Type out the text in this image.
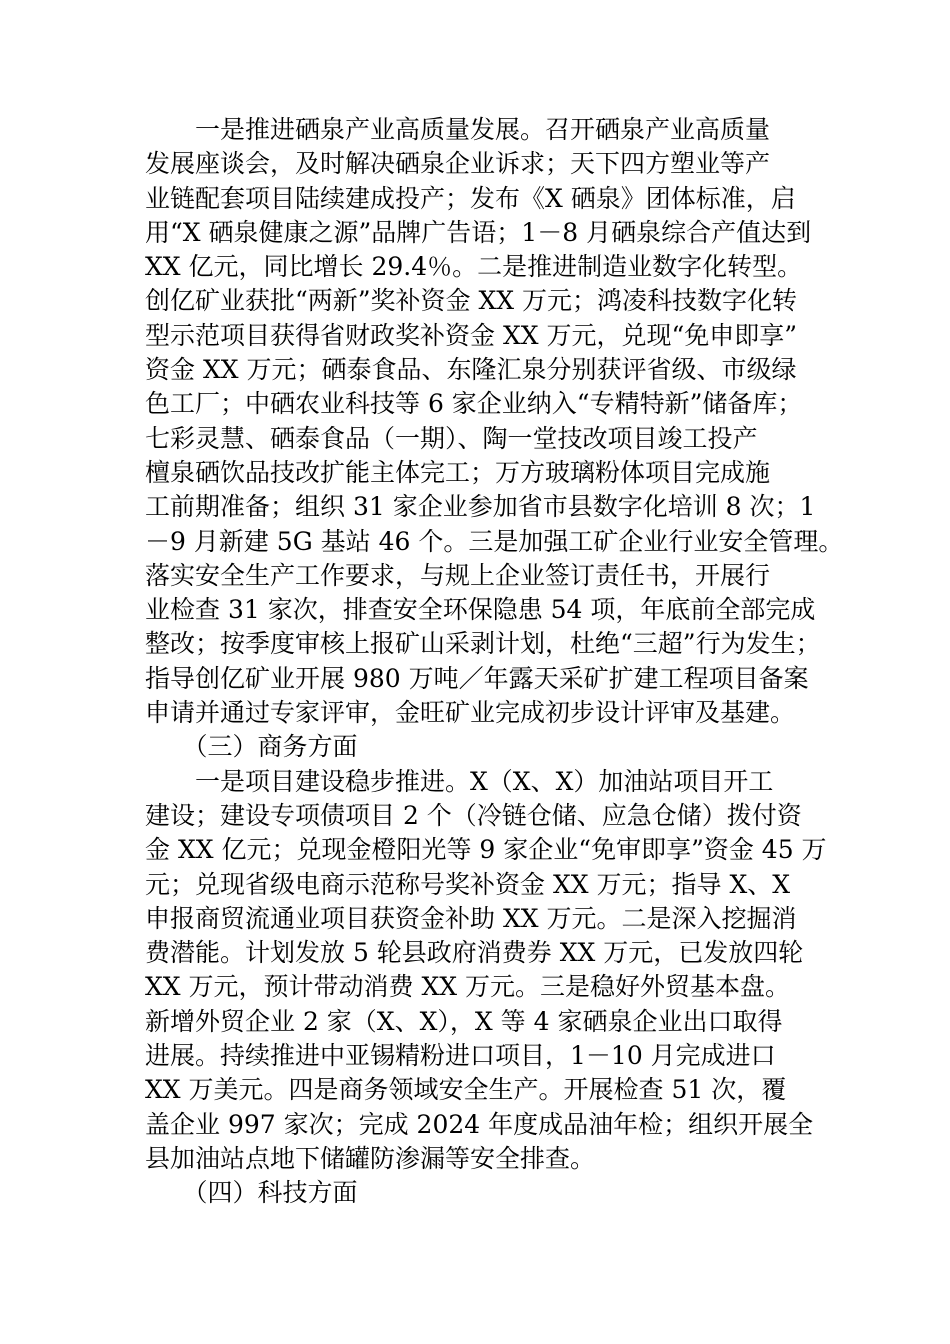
　　一是推进硒泉产业高质量发展。召开硒泉产业高质量
发展座谈会，及时解决硒泉企业诉求；天下四方塑业等产
业链配套项目陆续建成投产；发布《X 硒泉》团体标准，启
用“X 硒泉健康之源”品牌广告语；1－8 月硒泉综合产值达到
XX 亿元，同比增长 29.4％。二是推进制造业数字化转型。
创亿矿业获批“两新”奖补资金 XX 万元；鸿凌科技数字化转
型示范项目获得省财政奖补资金 XX 万元，兑现“免申即享”
资金 XX 万元；硒泰食品、东隆汇泉分别获评省级、市级绿
色工厂；中硒农业科技等 6 家企业纳入“专精特新”储备库；
七彩灵慧、硒泰食品（一期）、陶一堂技改项目竣工投产
檀泉硒饮品技改扩能主体完工；万方玻璃粉体项目完成施
工前期准备；组织 31 家企业参加省市县数字化培训 8 次；1
－9 月新建 5G 基站 46 个。三是加强工矿企业行业安全管理。
落实安全生产工作要求，与规上企业签订责任书，开展行
业检查 31 家次，排查安全环保隐患 54 项，年底前全部完成
整改；按季度审核上报矿山采剥计划，杜绝“三超”行为发生；
指导创亿矿业开展 980 万吨／年露天采矿扩建工程项目备案
申请并通过专家评审，金旺矿业完成初步设计评审及基建。
　　（三）商务方面
　　一是项目建设稳步推进。X（X、X）加油站项目开工
建设；建设专项债项目 2 个（冷链仓储、应急仓储）拨付资
金 XX 亿元；兑现金橙阳光等 9 家企业“免审即享”资金 45 万
元；兑现省级电商示范称号奖补资金 XX 万元；指导 X、X
申报商贸流通业项目获资金补助 XX 万元。二是深入挖掘消
费潜能。计划发放 5 轮县政府消费券 XX 万元，已发放四轮
XX 万元，预计带动消费 XX 万元。三是稳好外贸基本盘。
新增外贸企业 2 家（X、X），X 等 4 家硒泉企业出口取得
进展。持续推进中亚锡精粉进口项目，1－10 月完成进口
XX 万美元。四是商务领域安全生产。开展检查 51 次，覆
盖企业 997 家次；完成 2024 年度成品油年检；组织开展全
县加油站点地下储罐防渗漏等安全排查。
　　（四）科技方面
